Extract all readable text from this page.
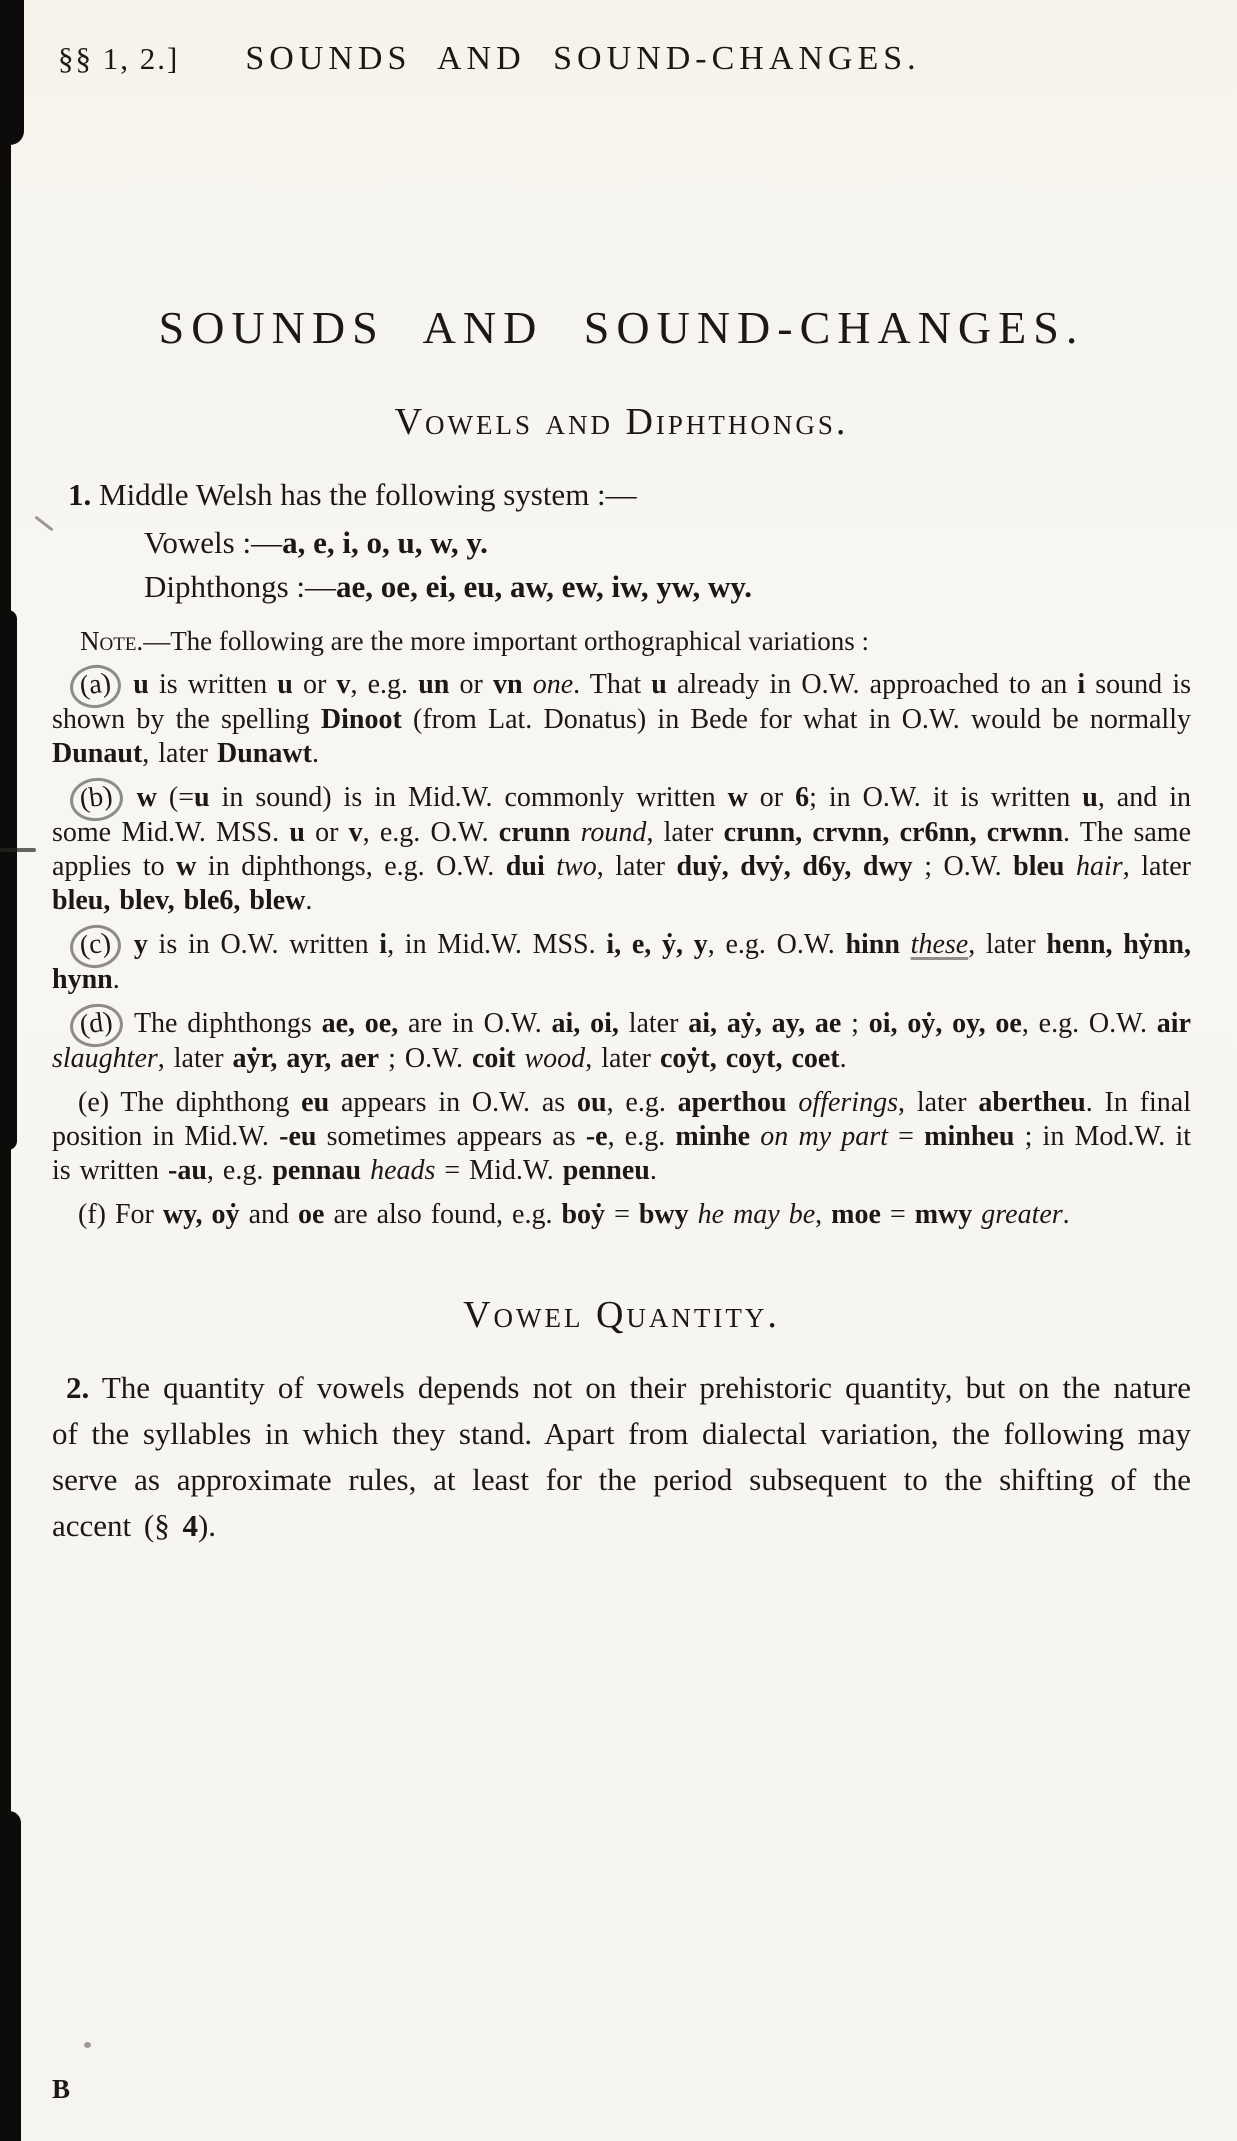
§§ 1, 2.] SOUNDS AND SOUND-CHANGES.
SOUNDS AND SOUND-CHANGES.
Vowels and Diphthongs.

1. Middle Welsh has the following system :—

Vowels :—a, e, i, o, u, w, y.

Diphthongs :—ae, oe, ei, eu, aw, ew, iw, yw, wy.

Note.—The following are the more important orthographical variations :

(a) u is written u or v, e.g. un or vn one. That u already in O.W. approached to an i sound is shown by the spelling Dinoot (from Lat. Donatus) in Bede for what in O.W. would be normally Dunaut, later Dunawt.

(b) w (=u in sound) is in Mid.W. commonly written w or 6; in O.W. it is written u, and in some Mid.W. MSS. u or v, e.g. O.W. crunn round, later crunn, crvnn, cr6nn, crwnn. The same applies to w in diphthongs, e.g. O.W. dui two, later duẏ, dvẏ, d6y, dwy ; O.W. bleu hair, later bleu, blev, ble6, blew.

(c) y is in O.W. written i, in Mid.W. MSS. i, e, ẏ, y, e.g. O.W. hinn these, later henn, hẏnn, hynn.

(d) The diphthongs ae, oe, are in O.W. ai, oi, later ai, aẏ, ay, ae ; oi, oẏ, oy, oe, e.g. O.W. air slaughter, later aẏr, ayr, aer ; O.W. coit wood, later coẏt, coyt, coet.

(e) The diphthong eu appears in O.W. as ou, e.g. aperthou offerings, later abertheu. In final position in Mid.W. -eu sometimes appears as -e, e.g. minhe on my part = minheu ; in Mod.W. it is written -au, e.g. pennau heads = Mid.W. penneu.

(f) For wy, oẏ and oe are also found, e.g. boẏ = bwy he may be, moe = mwy greater.

Vowel Quantity.

2. The quantity of vowels depends not on their prehistoric quantity, but on the nature of the syllables in which they stand. Apart from dialectal variation, the following may serve as approximate rules, at least for the period subsequent to the shifting of the accent (§ 4).

B
